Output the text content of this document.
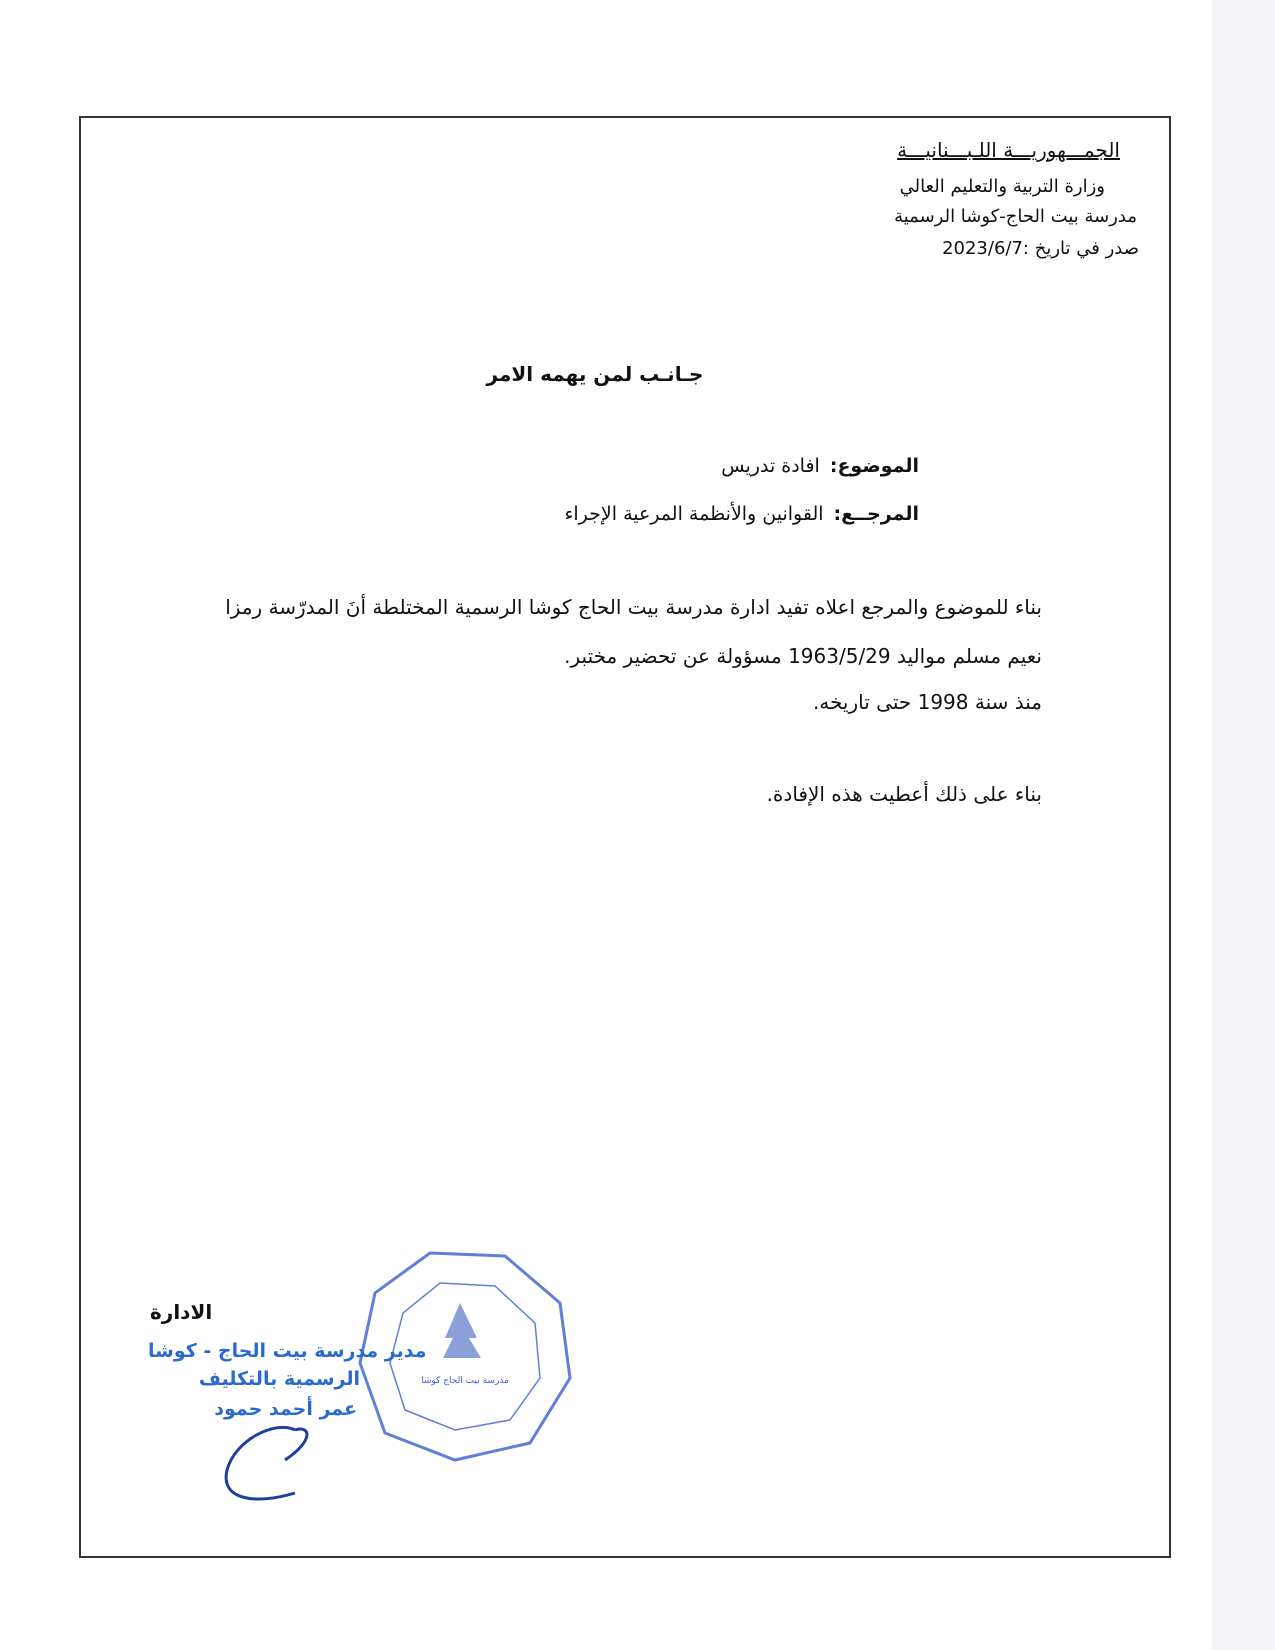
الجمـــهوريـــة اللـبـــنانيـــة
وزارة التربية والتعليم العالي
مدرسة بيت الحاج-كوشا الرسمية
صدر في تاريخ :2023/6/7
جـانـب لمن يهمه الامر
الموضوع:افادة تدريس
المرجــع:القوانين والأنظمة المرعية الإجراء
بناء للموضوع والمرجع اعلاه تفيد ادارة مدرسة بيت الحاج كوشا الرسمية المختلطة أنَ المدرّسة رمزا
نعيم مسلم مواليد 1963/5/29 مسؤولة عن تحضير مختبر.
منذ سنة 1998 حتى تاريخه.
بناء على ذلك أعطيت هذه الإفادة.
الادارة
مدير مدرسة بيت الحاج - كوشا
الرسمية بالتكليف
عمر أحمد حمود
مدرسة بيت الحاج كوشا
